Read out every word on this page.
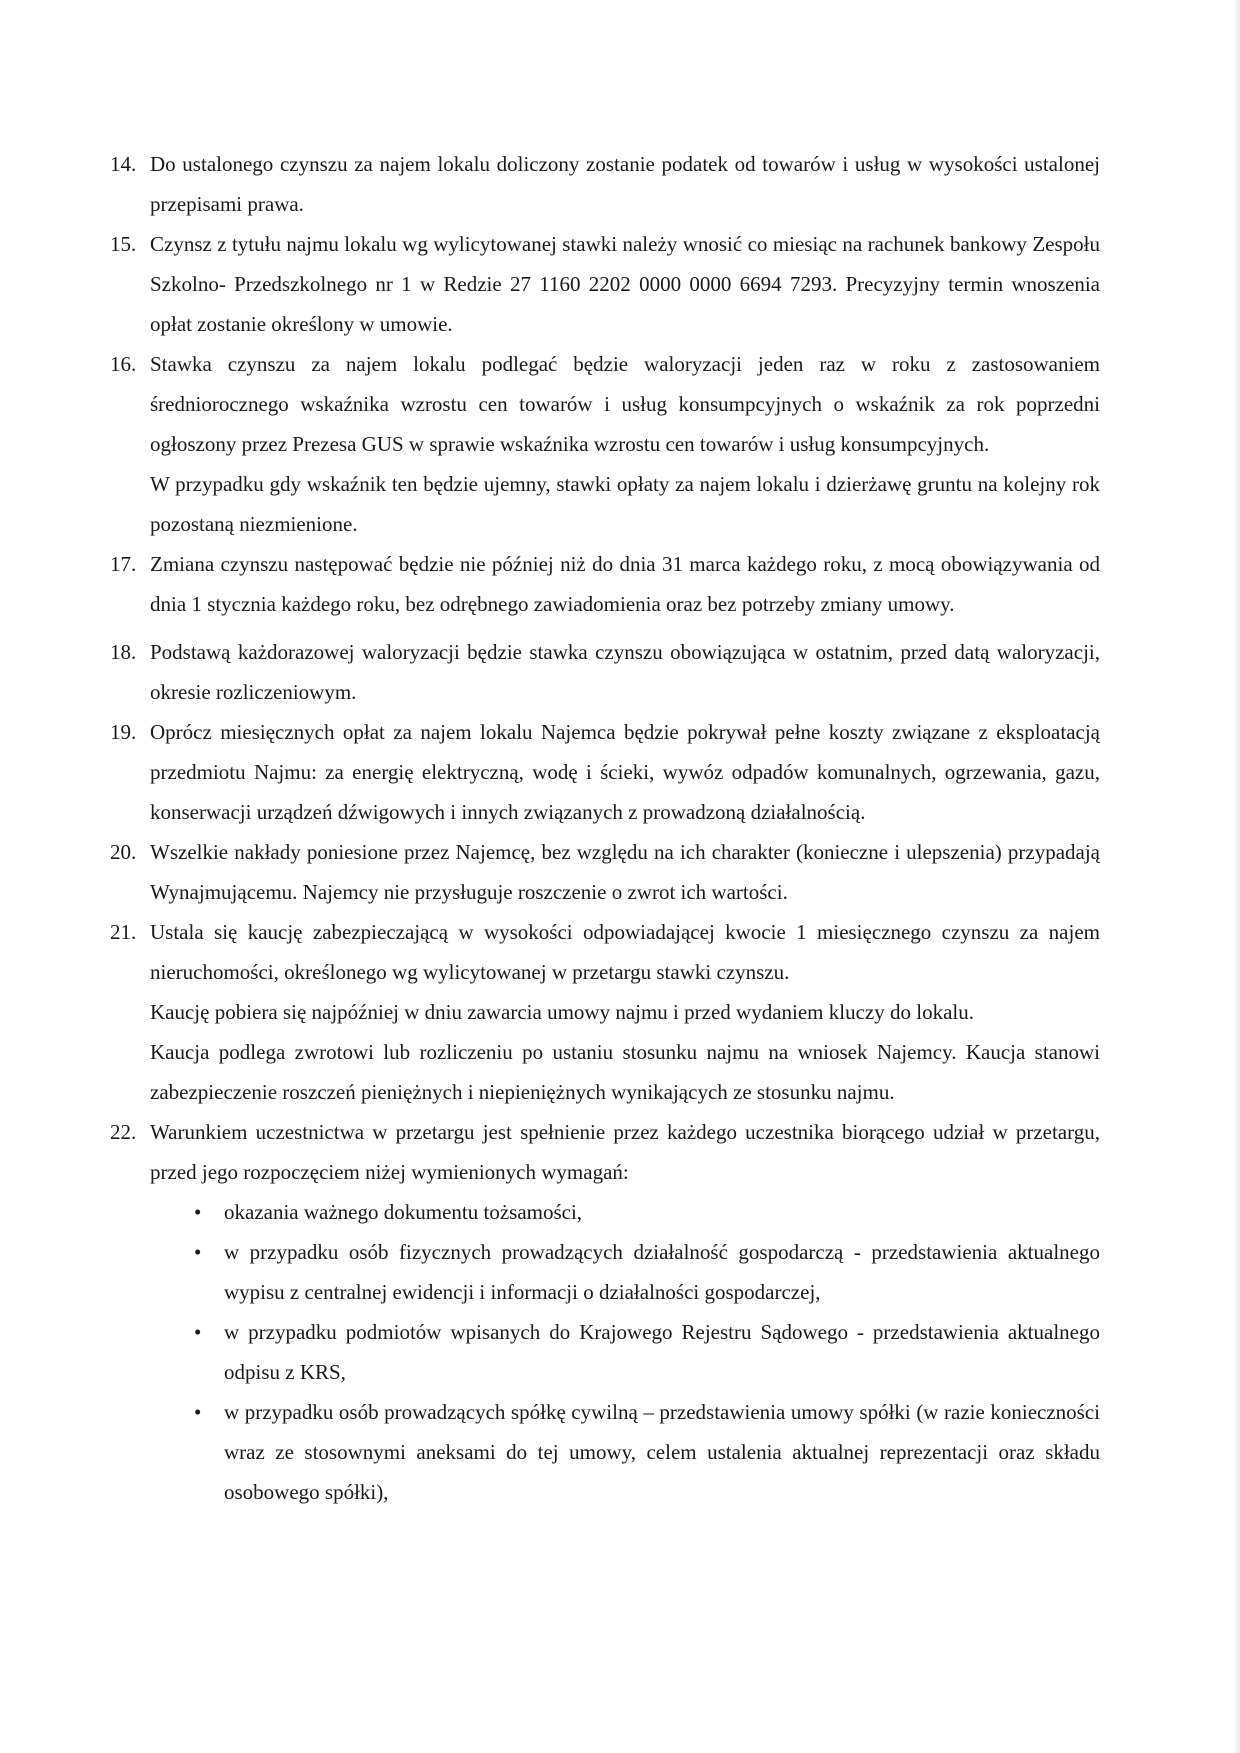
14. Do ustalonego czynszu za najem lokalu doliczony zostanie podatek od towarów i usług w wysokości ustalonej przepisami prawa.

15. Czynsz z tytułu najmu lokalu wg wylicytowanej stawki należy wnosić co miesiąc na rachunek bankowy Zespołu Szkolno- Przedszkolnego nr 1 w Redzie 27 1160 2202 0000 0000 6694 7293. Precyzyjny termin wnoszenia opłat zostanie określony w umowie.

16. Stawka czynszu za najem lokalu podlegać będzie waloryzacji jeden raz w roku z zastosowaniem średniorocznego wskaźnika wzrostu cen towarów i usług konsumpcyjnych o wskaźnik za rok poprzedni ogłoszony przez Prezesa GUS w sprawie wskaźnika wzrostu cen towarów i usług konsumpcyjnych.

W przypadku gdy wskaźnik ten będzie ujemny, stawki opłaty za najem lokalu i dzierżawę gruntu na kolejny rok pozostaną niezmienione.

17. Zmiana czynszu następować będzie nie później niż do dnia 31 marca każdego roku, z mocą obowiązywania od dnia 1 stycznia każdego roku, bez odrębnego zawiadomienia oraz bez potrzeby zmiany umowy.

18. Podstawą każdorazowej waloryzacji będzie stawka czynszu obowiązująca w ostatnim, przed datą waloryzacji, okresie rozliczeniowym.

19. Oprócz miesięcznych opłat za najem lokalu Najemca będzie pokrywał pełne koszty związane z eksploatacją przedmiotu Najmu: za energię elektryczną, wodę i ścieki, wywóz odpadów komunalnych, ogrzewania, gazu, konserwacji urządzeń dźwigowych i innych związanych z prowadzoną działalnością.

20. Wszelkie nakłady poniesione przez Najemcę, bez względu na ich charakter (konieczne i ulepszenia) przypadają Wynajmującemu. Najemcy nie przysługuje roszczenie o zwrot ich wartości.

21. Ustala się kaucję zabezpieczającą w wysokości odpowiadającej kwocie 1 miesięcznego czynszu za najem nieruchomości, określonego wg wylicytowanej w przetargu stawki czynszu.

Kaucję pobiera się najpóźniej w dniu zawarcia umowy najmu i przed wydaniem kluczy do lokalu.

Kaucja podlega zwrotowi lub rozliczeniu po ustaniu stosunku najmu na wniosek Najemcy. Kaucja stanowi zabezpieczenie roszczeń pieniężnych i niepieniężnych wynikających ze stosunku najmu.

22. Warunkiem uczestnictwa w przetargu jest spełnienie przez każdego uczestnika biorącego udział w przetargu, przed jego rozpoczęciem niżej wymienionych wymagań:

• okazania ważnego dokumentu tożsamości,
• w przypadku osób fizycznych prowadzących działalność gospodarczą - przedstawienia aktualnego wypisu z centralnej ewidencji i informacji o działalności gospodarczej,
• w przypadku podmiotów wpisanych do Krajowego Rejestru Sądowego - przedstawienia aktualnego odpisu z KRS,
• w przypadku osób prowadzących spółkę cywilną – przedstawienia umowy spółki (w razie konieczności wraz ze stosownymi aneksami do tej umowy, celem ustalenia aktualnej reprezentacji oraz składu osobowego spółki),
